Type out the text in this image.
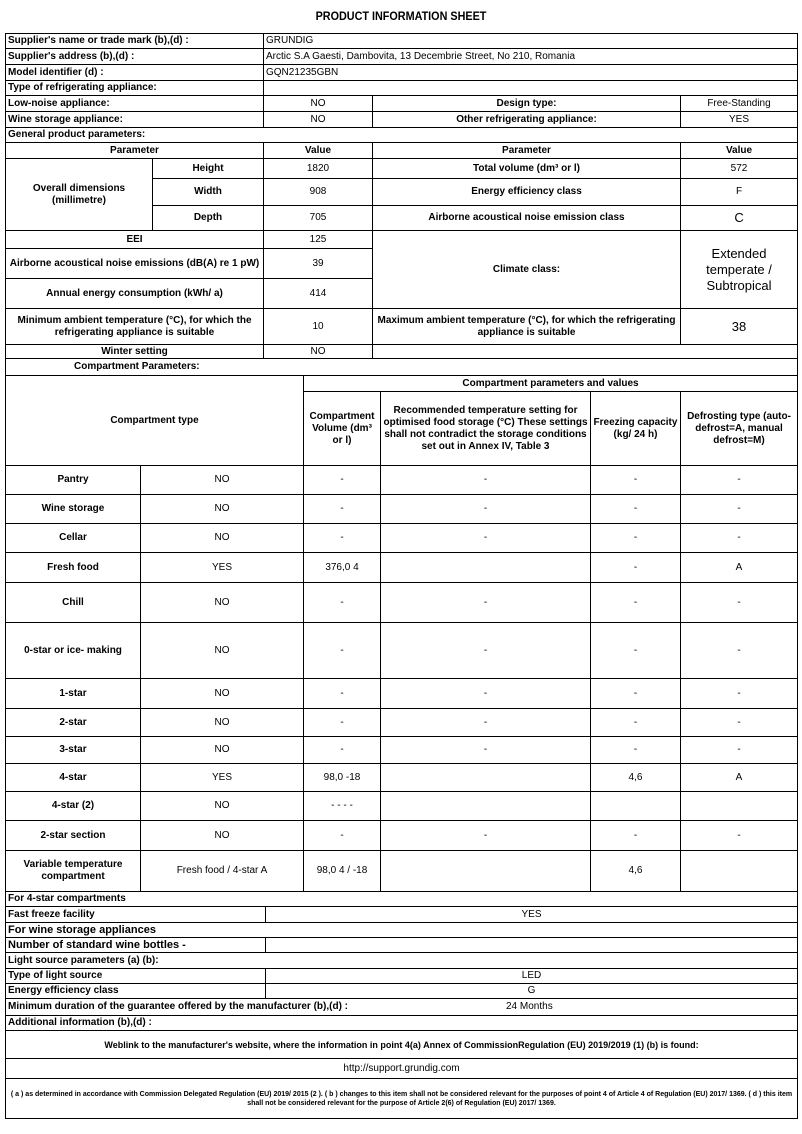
PRODUCT INFORMATION SHEET
Supplier's name or trade mark (b),(d) :		GRUNDIG		
Supplier's address (b),(d) :		Arctic S.A Gaesti, Dambovita, 13 Decembrie Street, No 210, Romania		
Model identifier (d) :		GQN21235GBN		
Type of refrigerating appliance:				
Low-noise appliance:		NO	Design type:	Free-Standing
Wine storage appliance:		NO	Other refrigerating appliance:	YES
General product parameters:				
Parameter		Value	Parameter	Value
Overall dimensions (millimetre)	Height	1820	Total volume (dm³ or l)	572
	Width	908	Energy efficiency class	F
	Depth	705	Airborne acoustical noise emission class	C
EEI		125	Climate class:	Extended temperate / Subtropical
Airborne acoustical noise emissions (dB(A) re 1 pW)		39		
Annual energy consumption (kWh/ a)		414		
Minimum ambient temperature (°C), for which the refrigerating appliance is suitable		10	Maximum ambient temperature (°C), for which the refrigerating appliance is suitable	38
Winter setting		NO		
Compartment Parameters:					
Compartment type		Compartment parameters and values			
		Compartment Volume (dm³ or l)	Recommended temperature setting for optimised food storage (°C) These settings shall not contradict the storage conditions set out in Annex IV, Table 3	Freezing capacity (kg/ 24 h)	Defrosting type (auto-defrost=A, manual defrost=M)
Pantry	NO	-	-	-	-
Wine storage	NO	-	-	-	-
Cellar	NO	-	-	-	-
Fresh food	YES	376,0 4		-	A
Chill	NO	-	-	-	-
0-star or ice- making	NO	-	-	-	-
1-star	NO	-	-	-	-
2-star	NO	-	-	-	-
3-star	NO	-	-	-	-
4-star	YES	98,0 -18		4,6	A
4-star (2)	NO	- - - -			
2-star section	NO	-	-	-	-
Variable temperature compartment	Fresh food / 4-star A	98,0 4 / -18		4,6	
For 4-star compartments	
Fast freeze facility	YES
For wine storage appliances	
Number of standard wine bottles -	
Light source parameters (a) (b):	
Type of light source	LED
Energy efficiency class	G
Minimum duration of the guarantee offered by the manufacturer (b),(d) : 24 Months	

Additional information (b),(d) :	
Weblink to the manufacturer's website, where the information in point 4(a) Annex of CommissionRegulation (EU) 2019/2019 (1) (b) is found:	
http://support.grundig.com	
( a ) as determined in accordance with Commission Delegated Regulation (EU) 2019/ 2015 (2 ). ( b ) changes to this item shall not be considered relevant for the purposes of point 4 of Article 4 of Regulation (EU) 2017/ 1369. ( d ) this item shall not be considered relevant for the purpose of Article 2(6) of Regulation (EU) 2017/ 1369.	
